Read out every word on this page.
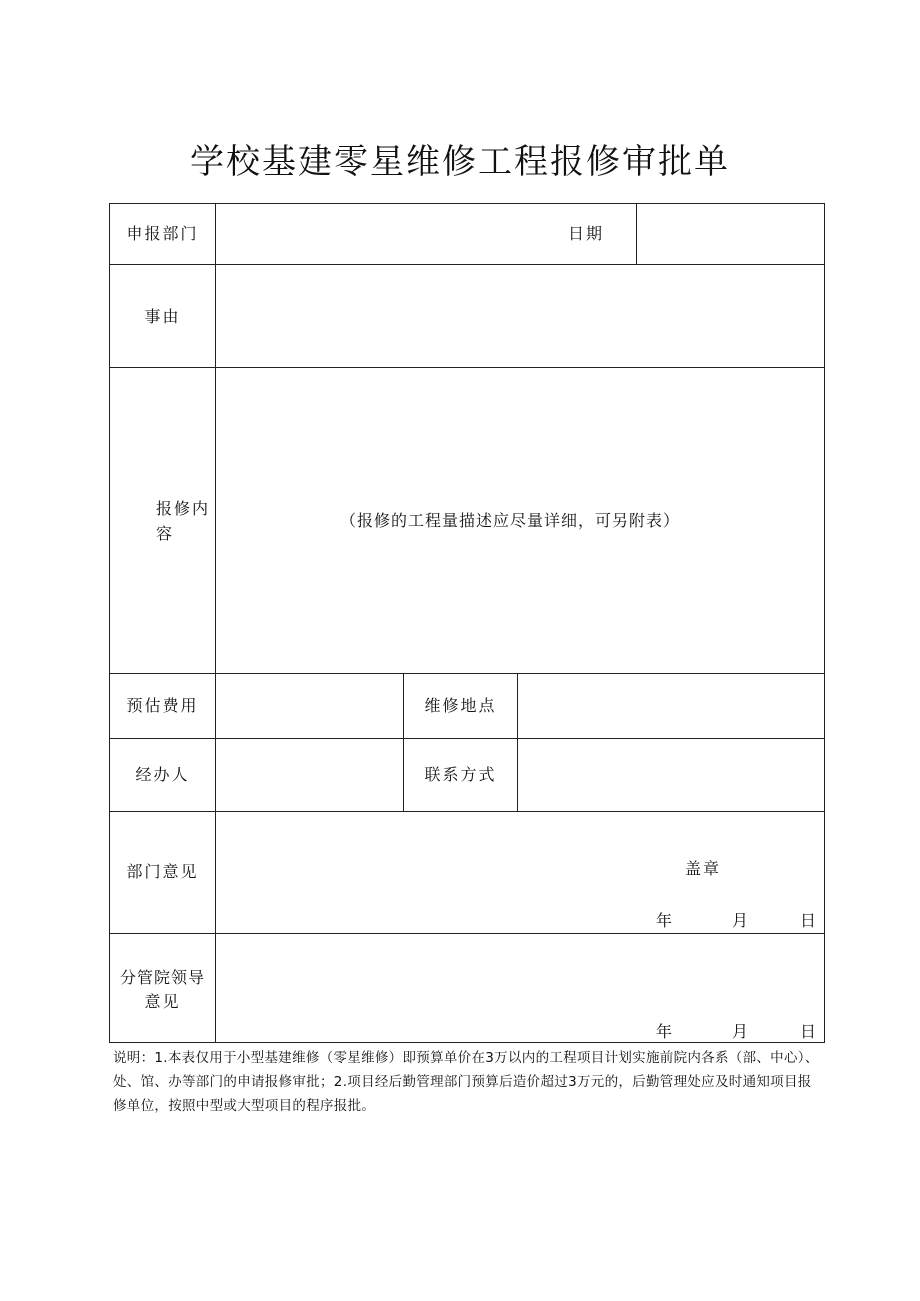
学校基建零星维修工程报修审批单
申报部门	日期
事由
报修内
容
（报修的工程量描述应尽量详细，可另附表）
预估费用	维修地点
经办人	联系方式
部门意见	盖章
年	月	日
分管院领导
意见
年	月	日
说明：1.本表仅用于小型基建维修（零星维修）即预算单价在3万以内的工程项目计划实施前院内各系（部、中心）、处、馆、办等部门的申请报修审批；2.项目经后勤管理部门预算后造价超过3万元的，后勤管理处应及时通知项目报修单位，按照中型或大型项目的程序报批。
